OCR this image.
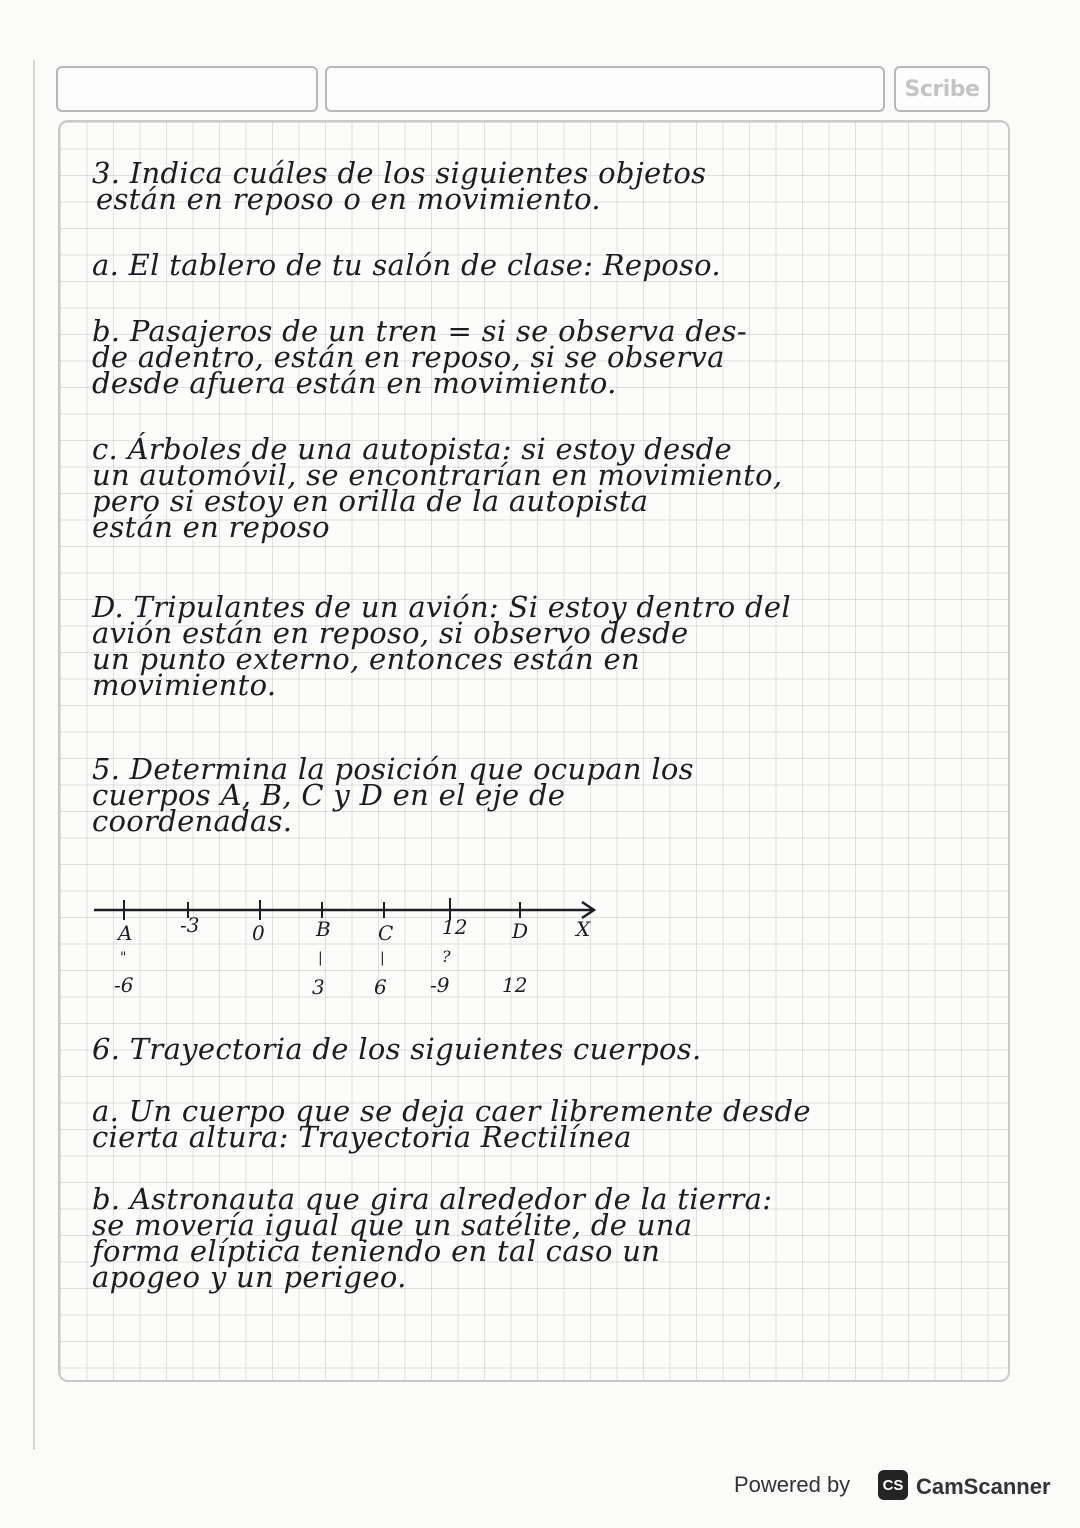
Scribe
3. Indica cuáles de los siguientes objetos
están en reposo o en movimiento.
a. El tablero de tu salón de clase: Reposo.
b. Pasajeros de un tren = si se observa des-
de adentro, están en reposo, si se observa
desde afuera están en movimiento.
c. Árboles de una autopista: si estoy desde
un automóvil, se encontrarían en movimiento,
pero si estoy en orilla de la autopista
están en reposo
D. Tripulantes de un avión: Si estoy dentro del
avión están en reposo, si observo desde
un punto externo, entonces están en
movimiento.
5. Determina la posición que ocupan los
cuerpos A, B, C y D en el eje de
coordenadas.
A -3	0	B C 12 D X
"	|	|	?
-6	3 6 -9	12
6. Trayectoria de los siguientes cuerpos.
a. Un cuerpo que se deja caer libremente desde
cierta altura: Trayectoria Rectilínea
b. Astronauta que gira alrededor de la tierra:
se movería igual que un satélite, de una
forma elíptica teniendo en tal caso un
apogeo y un perigeo.
Powered by CS CamScanner
